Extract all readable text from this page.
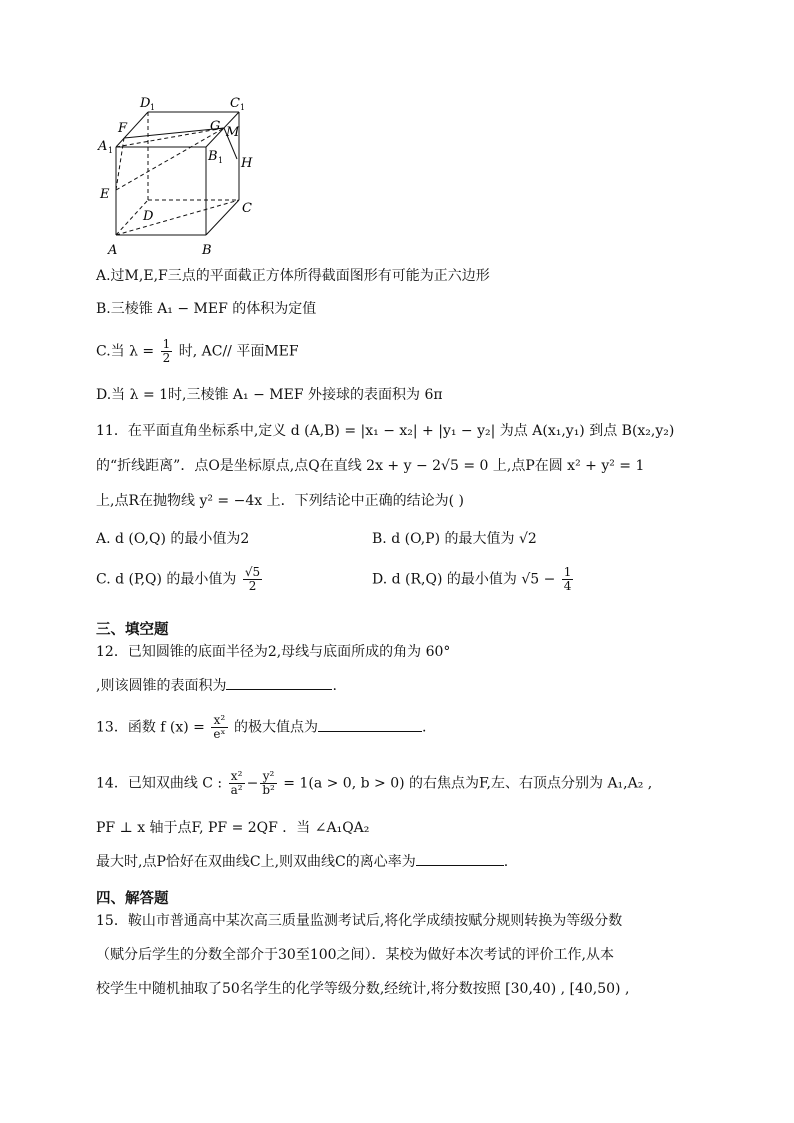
D 1	C 1
A 1	B 1
F	G M
H
E
D
C
A	B
A.过M,E,F三点的平面截正方体所得截面图形有可能为正六边形
B.三棱锥 A₁ − MEF 的体积为定值
C.当 $\lambda = \frac{1}{2}$ 时, AC// 平面MEF
D.当 λ = 1时,三棱锥 A₁ − MEF 外接球的表面积为 6π
11．在平面直角坐标系中,定义 d (A,B) = |x₁ − x₂| + |y₁ − y₂| 为点 A(x₁,y₁) 到点 B(x₂,y₂)
的“折线距离”．点O是坐标原点,点Q在直线 2x + y − 2√5 = 0 上,点P在圆 x² + y² = 1
上,点R在抛物线 y² = −4x 上．下列结论中正确的结论为( )
A. d (O,Q) 的最小值为2	B. d (O,P) 的最大值为 √2
C. d (P,Q) 的最小值为 $\frac{√5}{2}$	D. d (R,Q) 的最小值为 $√5 - \frac{1}{4}$
三、填空题
12．已知圆锥的底面半径为2,母线与底面所成的角为 60°
,则该圆锥的表面积为	.
13．函数 f $(x) = \frac{\text{x²}}{\text{eˣ}}$ 的极大值点为	.
14．已知双曲线 C : $\frac{\text{x²}}{\text{a²}} - \frac{\text{y²}}{\text{b²}} = 1(a > 0$, b > 0) 的右焦点为F,左、右顶点分别为 A₁,A₂ ,
PF ⊥ x 轴于点F, PF = 2QF ．当 ∠A₁QA₂
最大时,点P恰好在双曲线C上,则双曲线C的离心率为	.
四、解答题
15．鞍山市普通高中某次高三质量监测考试后,将化学成绩按赋分规则转换为等级分数
（赋分后学生的分数全部介于30至100之间）．某校为做好本次考试的评价工作,从本
校学生中随机抽取了50名学生的化学等级分数,经统计,将分数按照 [30,40) , [40,50) ,
